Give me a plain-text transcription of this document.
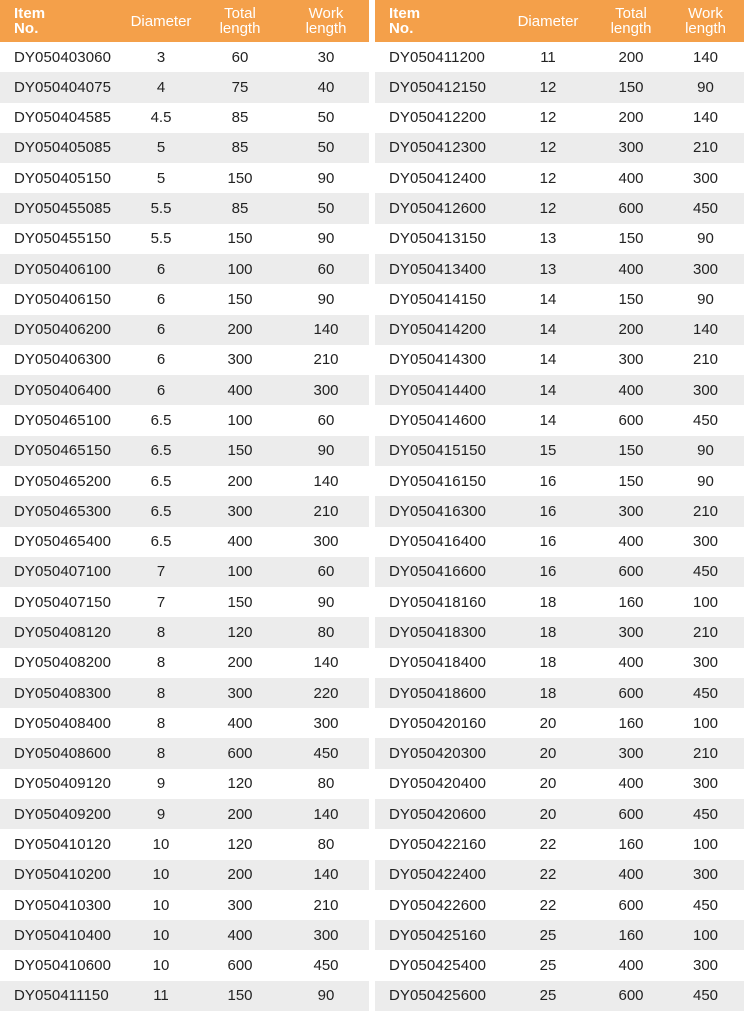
Item
No.	Diameter	Total
length
Work
length
DY050403060	3	60	30
DY050404075	4	75	40
DY050404585	4.5	85	50
DY050405085	5	85	50
DY050405150	5	150	90
DY050455085	5.5	85	50
DY050455150	5.5	150	90
DY050406100	6	100	60
DY050406150	6	150	90
DY050406200	6	200	140
DY050406300	6	300	210
DY050406400	6	400	300
DY050465100	6.5	100	60
DY050465150	6.5	150	90
DY050465200	6.5	200	140
DY050465300	6.5	300	210
DY050465400	6.5	400	300
DY050407100	7	100	60
DY050407150	7	150	90
DY050408120	8	120	80
DY050408200	8	200	140
DY050408300	8	300	220
DY050408400	8	400	300
DY050408600	8	600	450
DY050409120	9	120	80
DY050409200	9	200	140
DY050410120	10	120	80
DY050410200	10	200	140
DY050410300	10	300	210
DY050410400	10	400	300
DY050410600	10	600	450
DY050411150	11	150	90
Item
No.	Diameter	Total
length
Work
length
DY050411200	11	200	140
DY050412150	12	150	90
DY050412200	12	200	140
DY050412300	12	300	210
DY050412400	12	400	300
DY050412600	12	600	450
DY050413150	13	150	90
DY050413400	13	400	300
DY050414150	14	150	90
DY050414200	14	200	140
DY050414300	14	300	210
DY050414400	14	400	300
DY050414600	14	600	450
DY050415150	15	150	90
DY050416150	16	150	90
DY050416300	16	300	210
DY050416400	16	400	300
DY050416600	16	600	450
DY050418160	18	160	100
DY050418300	18	300	210
DY050418400	18	400	300
DY050418600	18	600	450
DY050420160	20	160	100
DY050420300	20	300	210
DY050420400	20	400	300
DY050420600	20	600	450
DY050422160	22	160	100
DY050422400	22	400	300
DY050422600	22	600	450
DY050425160	25	160	100
DY050425400	25	400	300
DY050425600	25	600	450
